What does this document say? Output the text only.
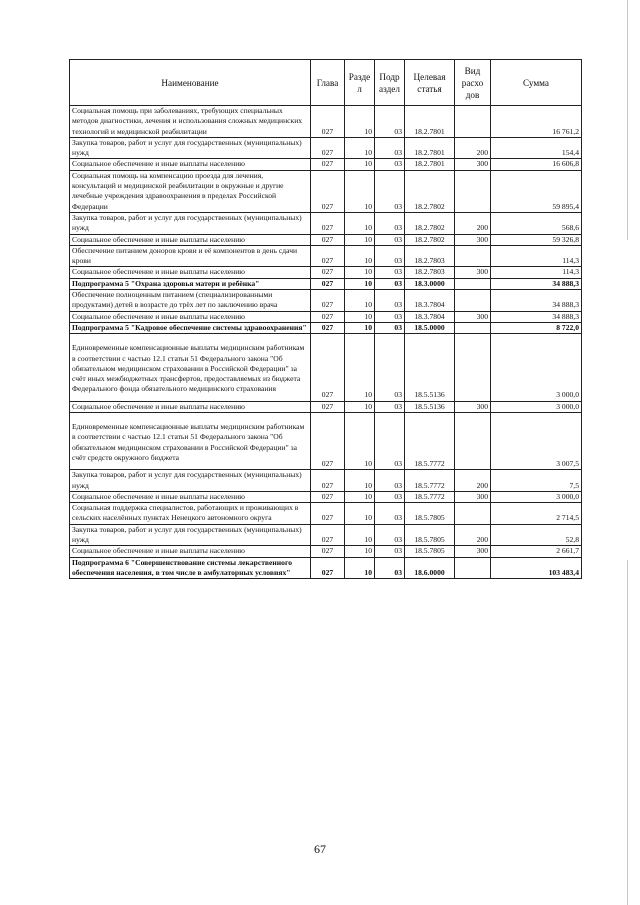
Наименование	Глава	Разде л	Подр аздел	Целевая статья	Вид расхо дов	Сумма
Социальная помощь при заболеваниях, требующих специальных методов диагностики, лечения и использования сложных медицинских технологий и медицинской реабилитации	027	10	03	18.2.7801		16 761,2
Закупка товаров, работ и услуг для государственных (муниципальных) нужд	027	10	03	18.2.7801	200	154,4
Социальное обеспечение и иные выплаты населению	027	10	03	18.2.7801	300	16 606,8
Социальная помощь на компенсацию проезда для лечения, консультаций и медицинской реабилитации в окружные и другие лечебные учреждения здравоохранения в пределах Российской Федерации	027	10	03	18.2.7802		59 895,4
Закупка товаров, работ и услуг для государственных (муниципальных) нужд	027	10	03	18.2.7802	200	568,6
Социальное обеспечение и иные выплаты населению	027	10	03	18.2.7802	300	59 326,8
Обеспечение питанием доноров крови и её компонентов в день сдачи крови	027	10	03	18.2.7803		114,3
Социальное обеспечение и иные выплаты населению	027	10	03	18.2.7803	300	114,3
Подпрограмма 5 "Охрана здоровья матери и ребёнка"	027	10	03	18.3.0000		34 888,3
Обеспечение полноценным питанием (специализированными продуктами) детей в возрасте до трёх лет по заключению врача	027	10	03	18.3.7804		34 888,3
Социальное обеспечение и иные выплаты населению	027	10	03	18.3.7804	300	34 888,3
Подпрограмма 5 "Кадровое обеспечение системы здравоохранения"	027	10	03	18.5.0000		8 722,0
Единовременные компенсационные выплаты медицинским работникам в соответствии с частью 12.1 статьи 51 Федерального закона "Об обязательном медицинском страховании в Российской Федерации" за счёт иных межбюджетных трансфертов, предоставляемых из бюджета Федерального фонда обязательного медицинского страхования	027	10	03	18.5.5136		3 000,0
Социальное обеспечение и иные выплаты населению	027	10	03	18.5.5136	300	3 000,0
Единовременные компенсационные выплаты медицинским работникам в соответствии с частью 12.1 статьи 51 Федерального закона "Об обязательном медицинском страховании в Российской Федерации" за счёт средств окружного бюджета	027	10	03	18.5.7772		3 007,5
Закупка товаров, работ и услуг для государственных (муниципальных) нужд	027	10	03	18.5.7772	200	7,5
Социальное обеспечение и иные выплаты населению	027	10	03	18.5.7772	300	3 000,0
Социальная поддержка специалистов, работающих и проживающих в сельских населённых пунктах Ненецкого автономного округа	027	10	03	18.5.7805		2 714,5
Закупка товаров, работ и услуг для государственных (муниципальных) нужд	027	10	03	18.5.7805	200	52,8
Социальное обеспечение и иные выплаты населению	027	10	03	18.5.7805	300	2 661,7
Подпрограмма 6 "Совершенствование системы лекарственного обеспечения населения, в том числе в амбулаторных условиях"	027	10	03	18.6.0000		103 483,4
67
